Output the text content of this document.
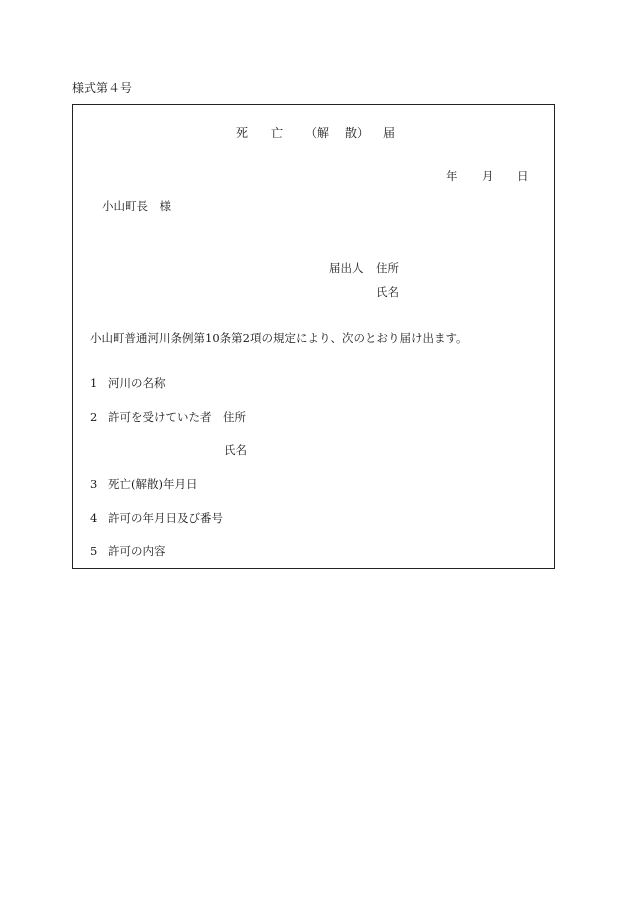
様式第４号
死 亡 （解 散） 届
年 月 日
小山町長　様
届出人 住所
氏名
小山町普通河川条例第10条第2項の規定により、次のとおり届け出ます。
1 河川の名称
2 許可を受けていた者　住所
氏名
3 死亡(解散)年月日
4 許可の年月日及び番号
5 許可の内容
